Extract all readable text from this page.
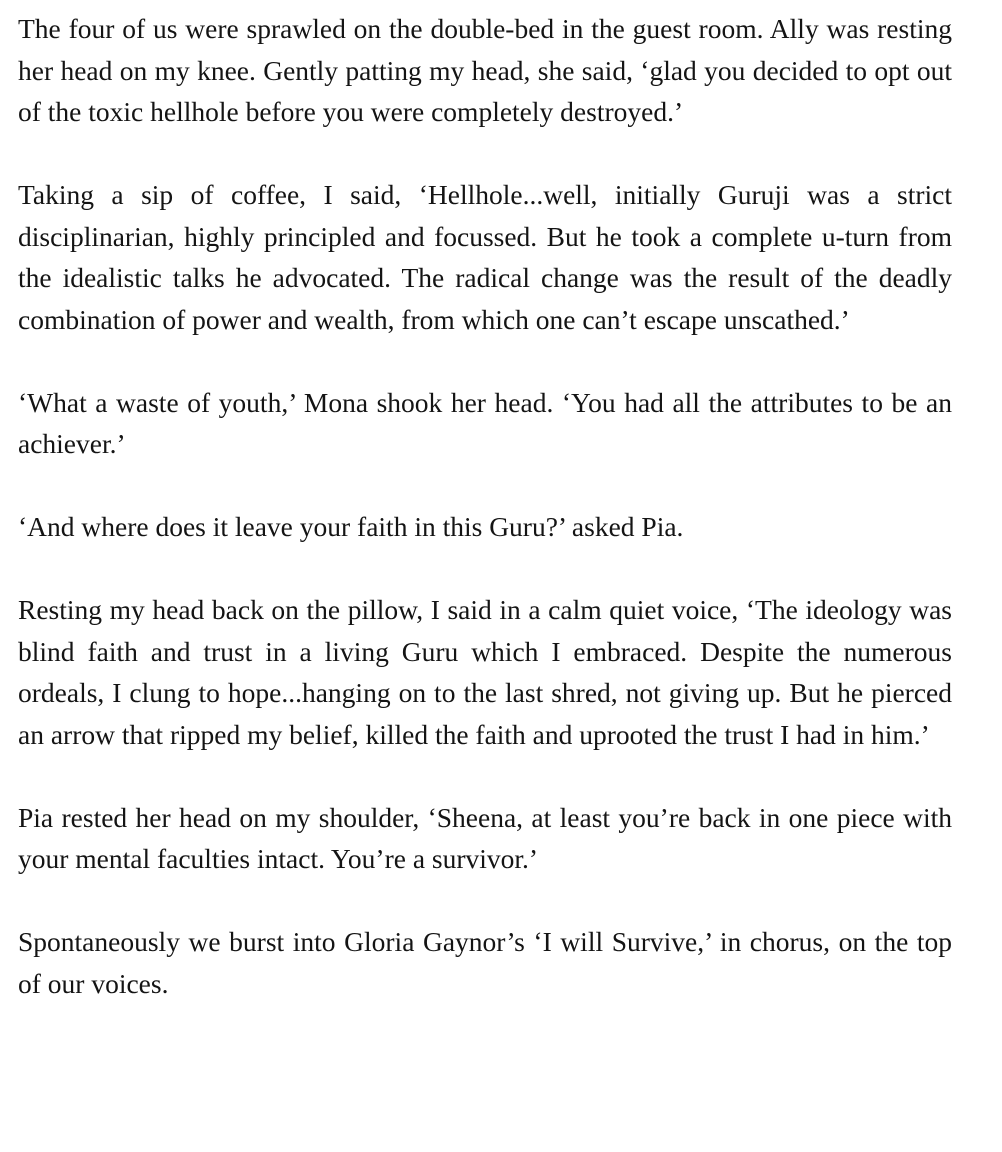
The four of us were sprawled on the double-bed in the guest room. Ally was resting her head on my knee. Gently patting my head, she said, ‘glad you decided to opt out of the toxic hellhole before you were completely destroyed.’

Taking a sip of coffee, I said, ‘Hellhole...well, initially Guruji was a strict disciplinarian, highly principled and focussed. But he took a complete u-turn from the idealistic talks he advocated. The radical change was the result of the deadly combination of power and wealth, from which one can’t escape unscathed.’

‘What a waste of youth,’ Mona shook her head. ‘You had all the attributes to be an achiever.’

‘And where does it leave your faith in this Guru?’ asked Pia.

Resting my head back on the pillow, I said in a calm quiet voice, ‘The ideology was blind faith and trust in a living Guru which I embraced. Despite the numerous ordeals, I clung to hope...hanging on to the last shred, not giving up. But he pierced an arrow that ripped my belief, killed the faith and uprooted the trust I had in him.’

Pia rested her head on my shoulder, ‘Sheena, at least you’re back in one piece with your mental faculties intact. You’re a survivor.’

Spontaneously we burst into Gloria Gaynor’s ‘I will Survive,’ in chorus, on the top of our voices.
